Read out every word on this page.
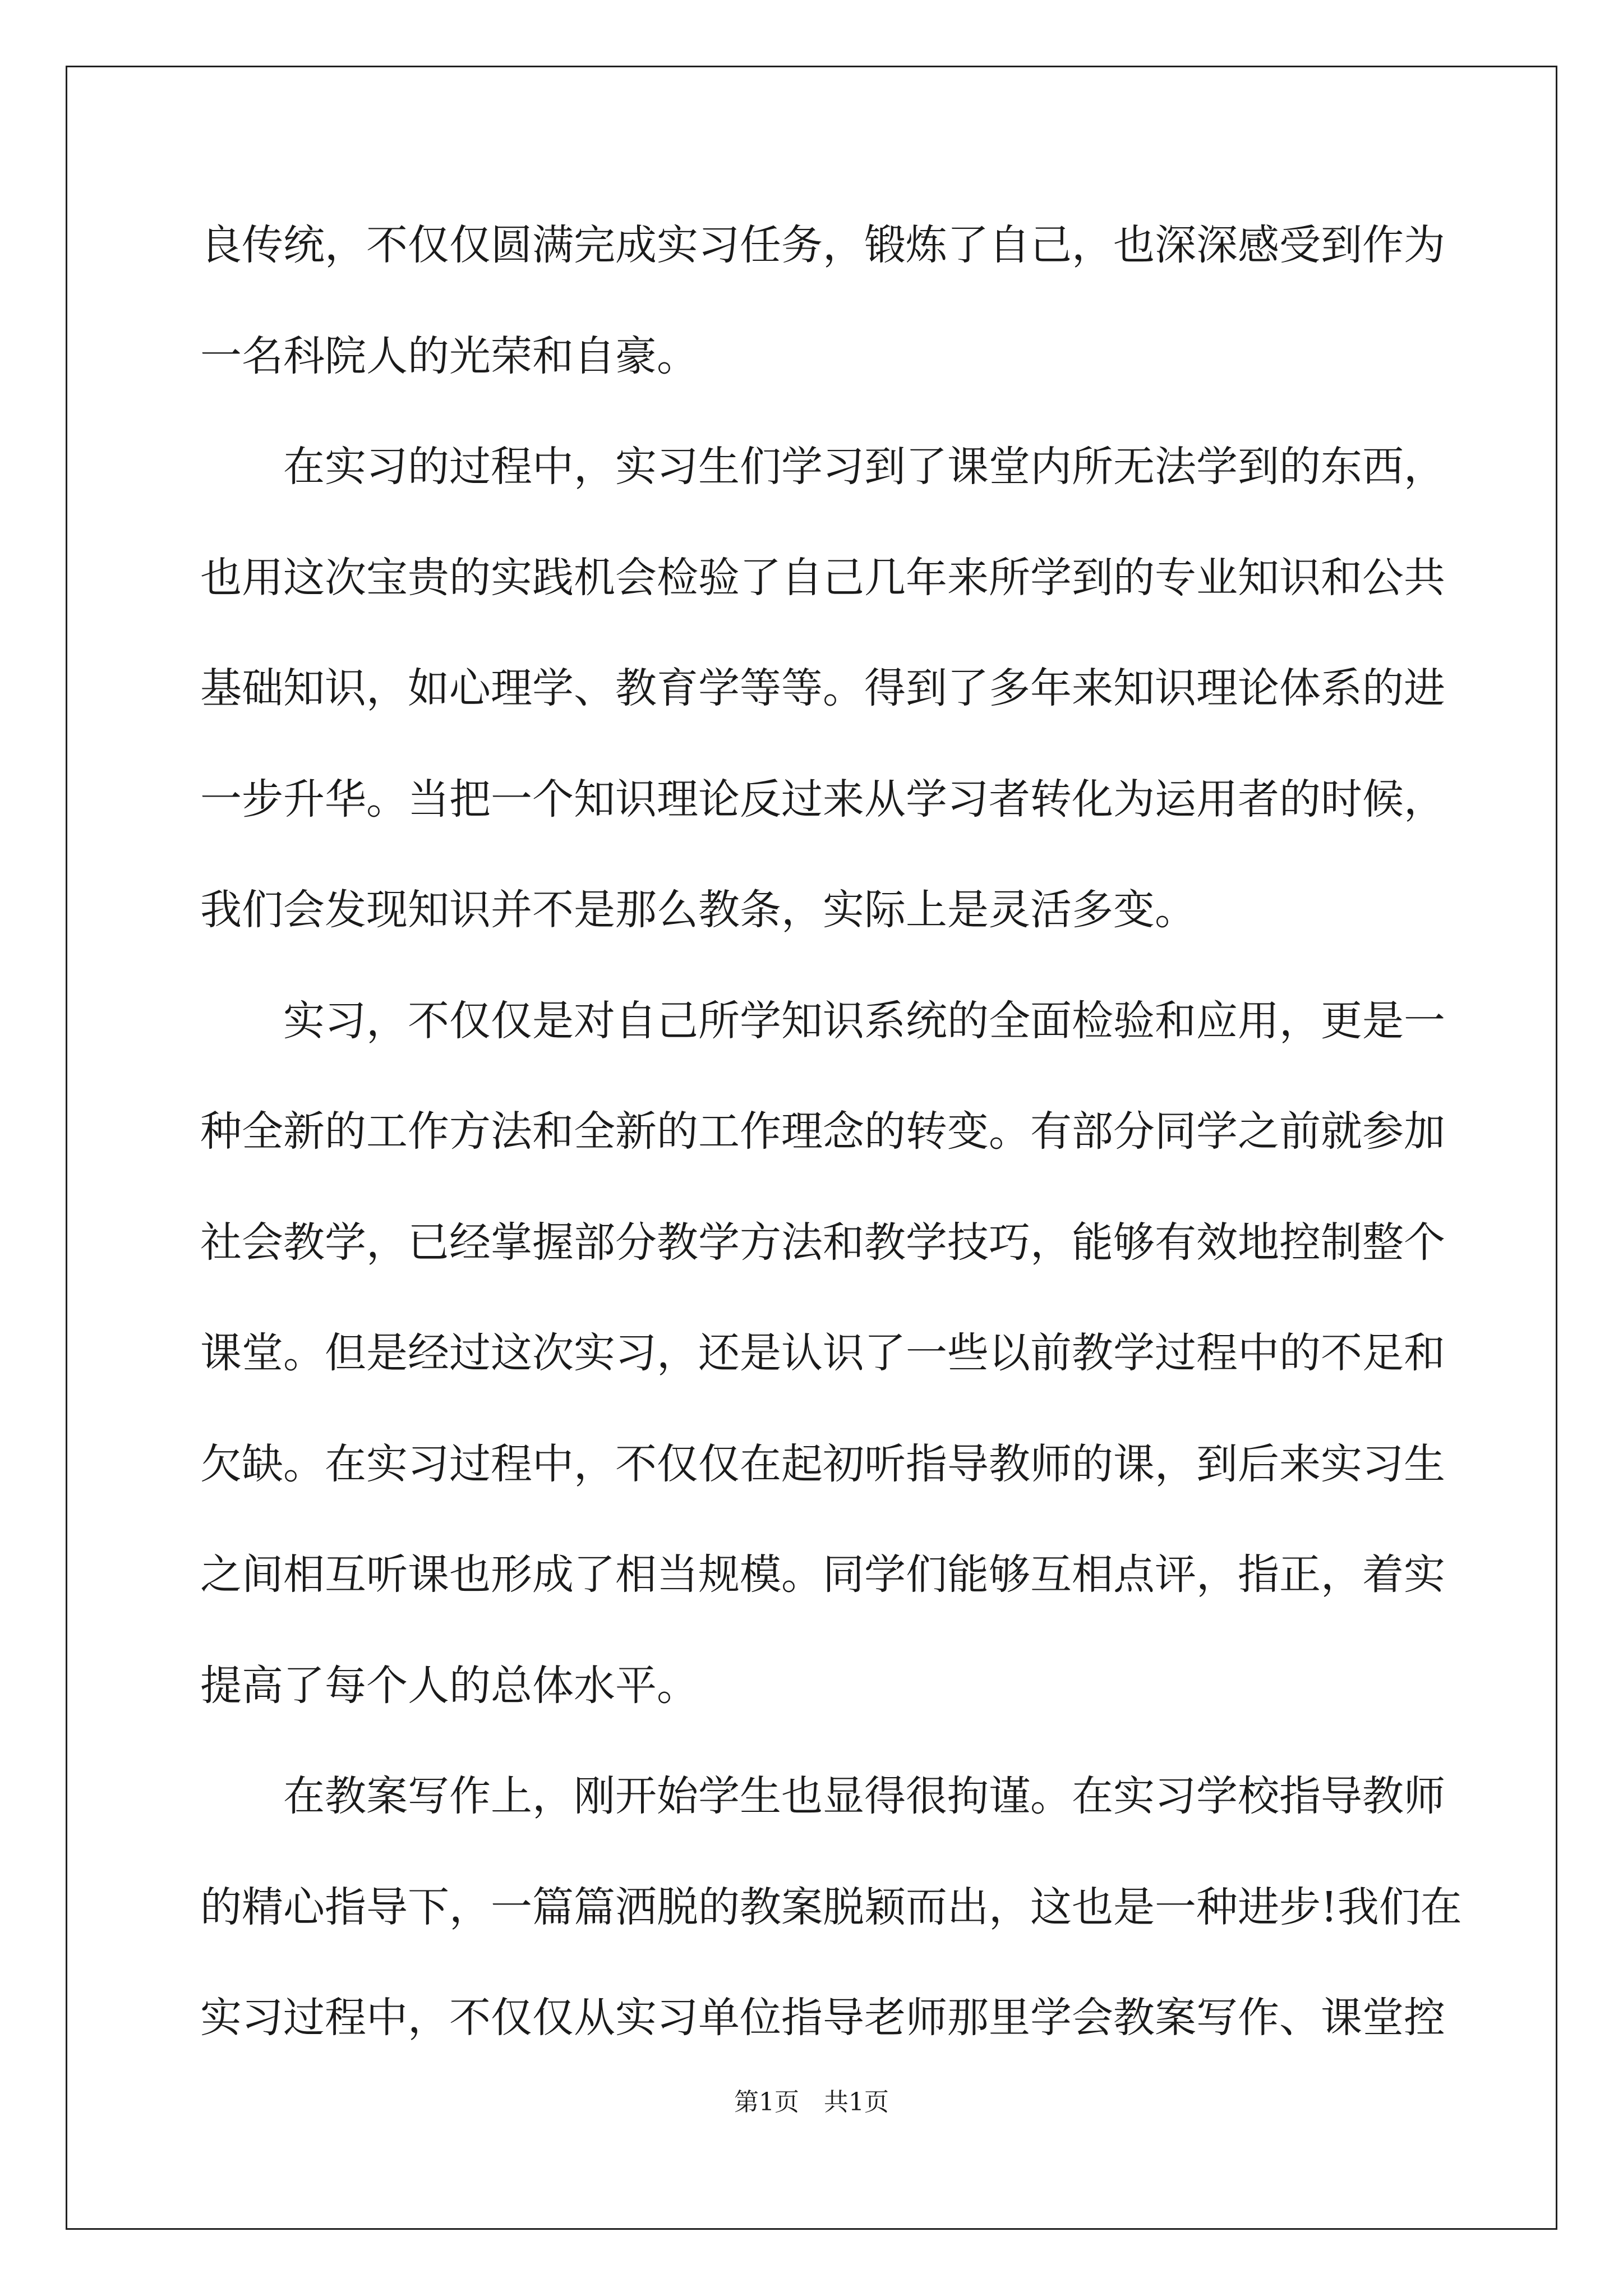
良传统，不仅仅圆满完成实习任务，锻炼了自己，也深深感受到作为
一名科院人的光荣和自豪。
在实习的过程中，实习生们学习到了课堂内所无法学到的东西，
也用这次宝贵的实践机会检验了自己几年来所学到的专业知识和公共
基础知识，如心理学、教育学等等。得到了多年来知识理论体系的进
一步升华。当把一个知识理论反过来从学习者转化为运用者的时候，
我们会发现知识并不是那么教条，实际上是灵活多变。
实习，不仅仅是对自己所学知识系统的全面检验和应用，更是一
种全新的工作方法和全新的工作理念的转变。有部分同学之前就参加
社会教学，已经掌握部分教学方法和教学技巧，能够有效地控制整个
课堂。但是经过这次实习，还是认识了一些以前教学过程中的不足和
欠缺。在实习过程中，不仅仅在起初听指导教师的课，到后来实习生
之间相互听课也形成了相当规模。同学们能够互相点评，指正，着实
提高了每个人的总体水平。
在教案写作上，刚开始学生也显得很拘谨。在实习学校指导教师
的精心指导下，一篇篇洒脱的教案脱颖而出，这也是一种进步!我们在
实习过程中，不仅仅从实习单位指导老师那里学会教案写作、课堂控
第1页　共1页
